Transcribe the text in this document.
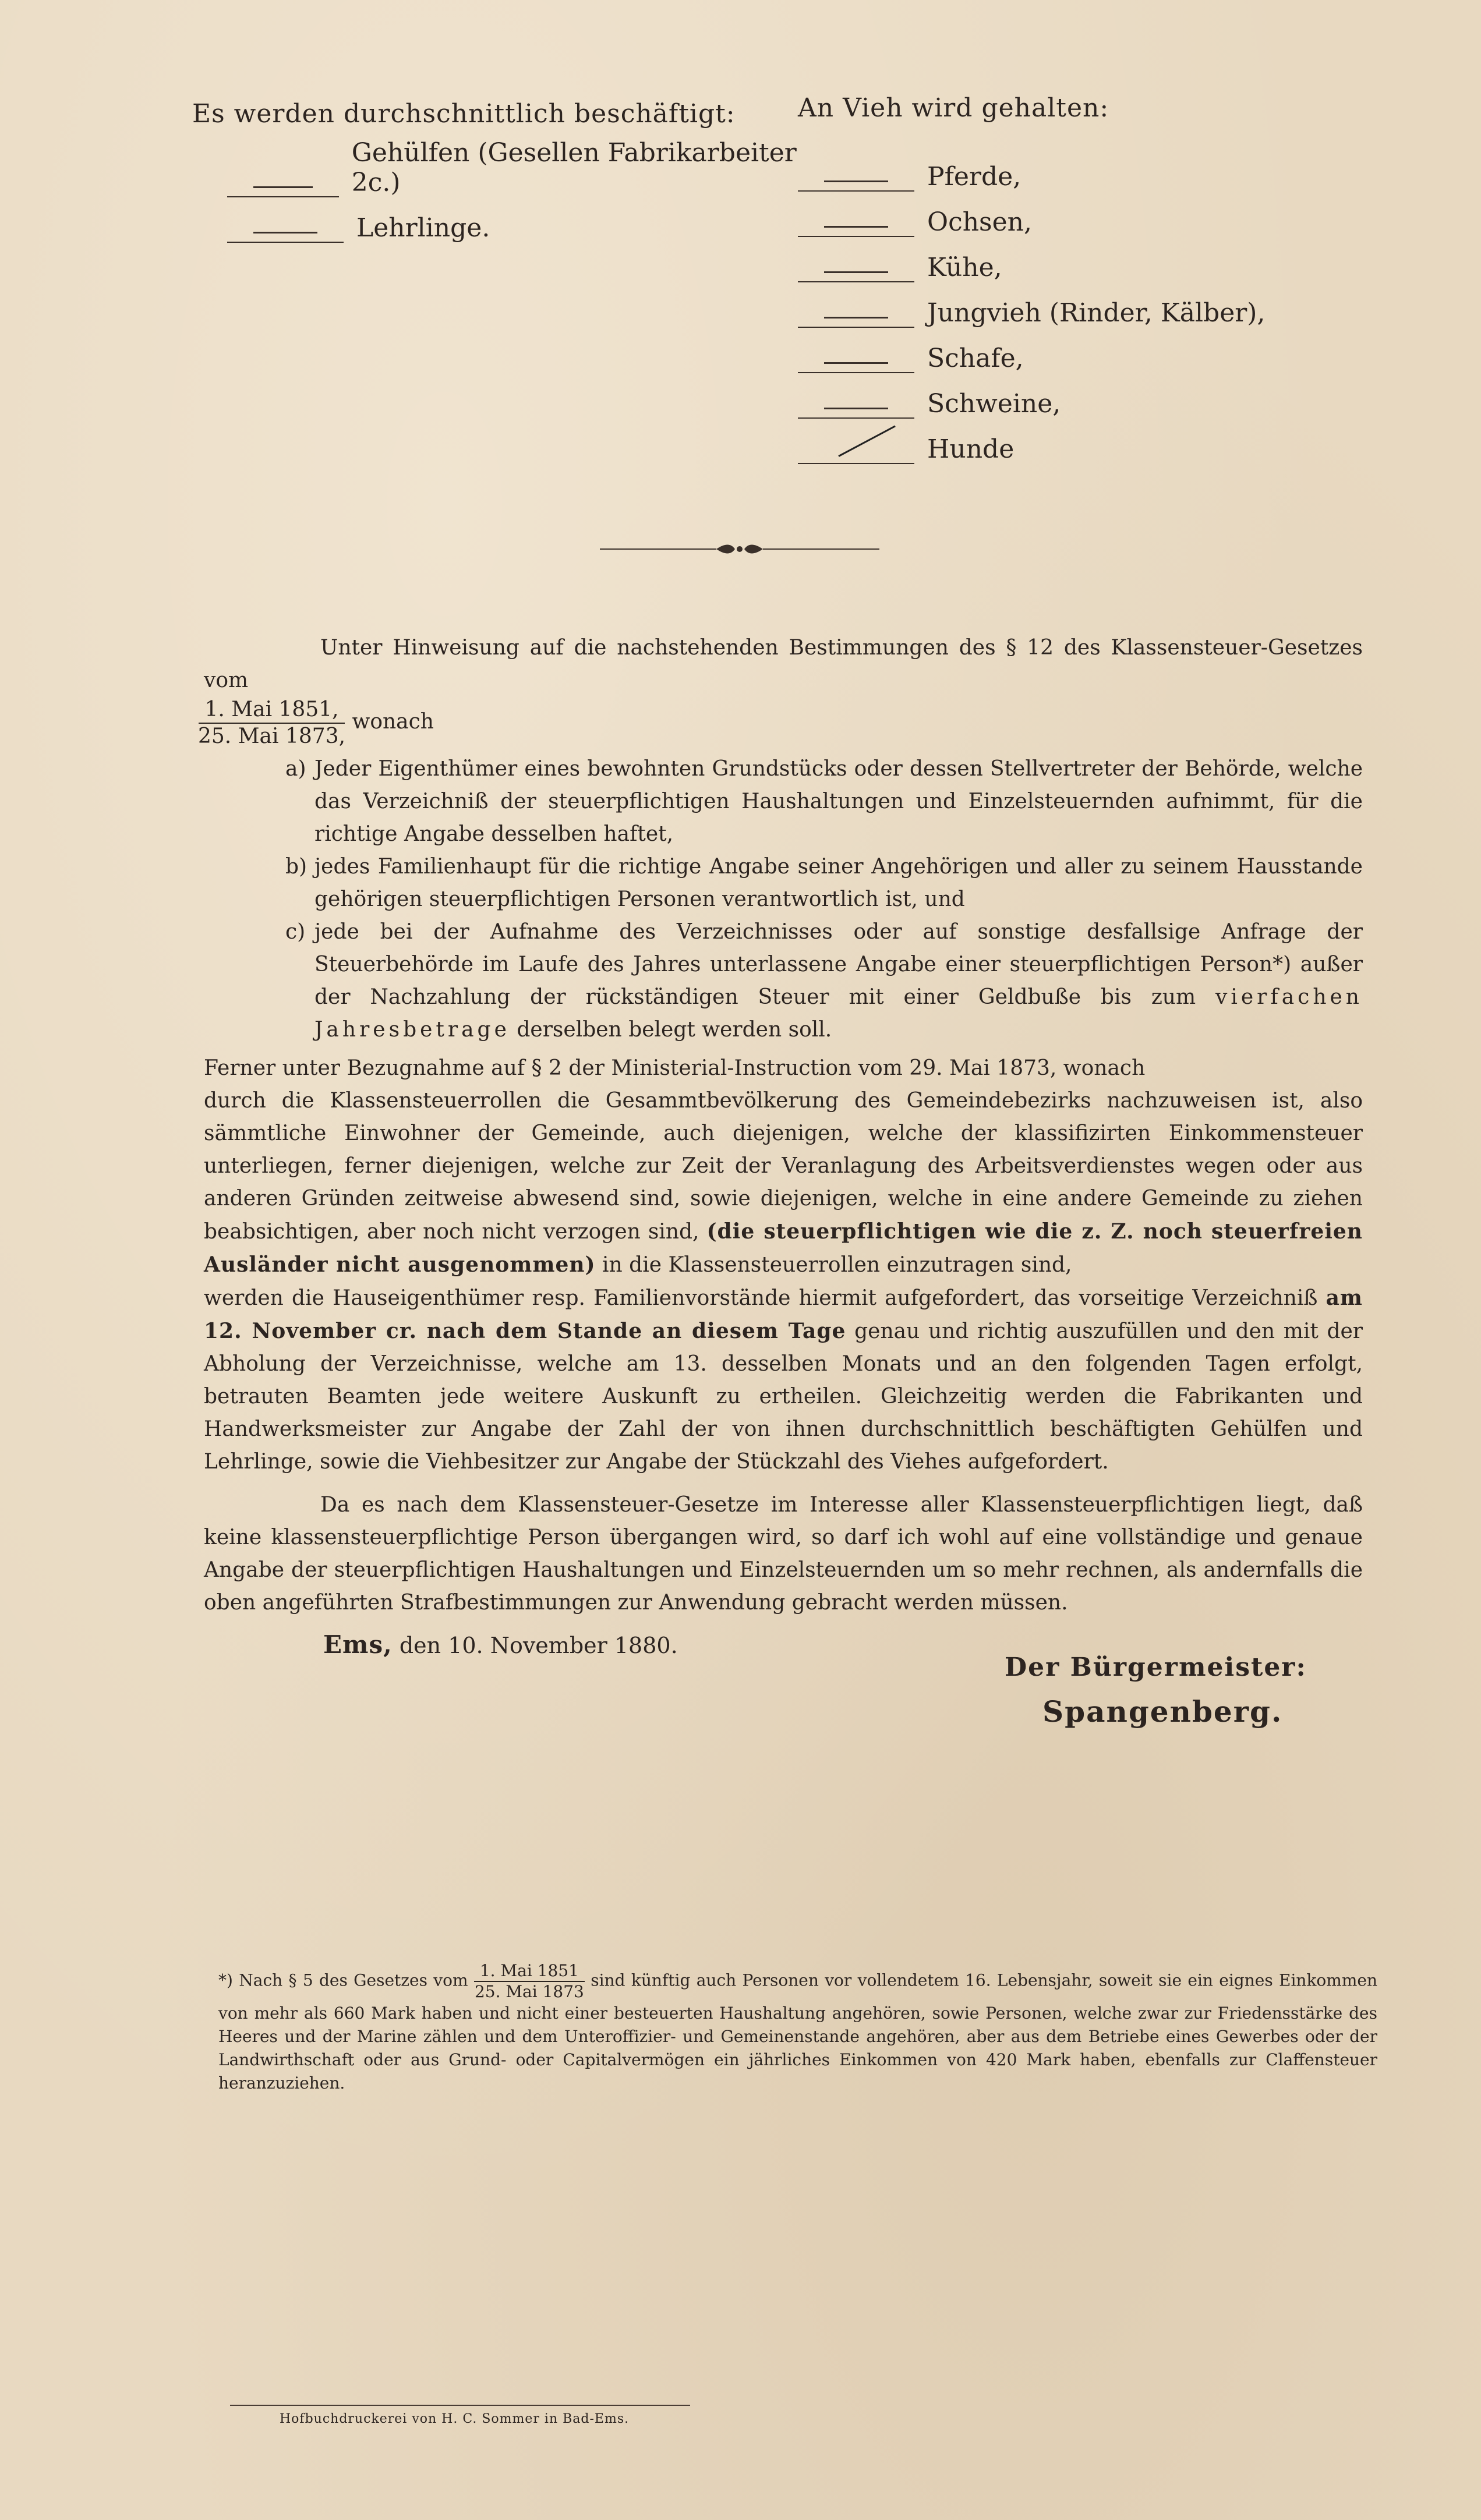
Es werden durchschnittlich beschäftigt:
Gehülfen (Gesellen Fabrikarbeiter 2c.)
Lehrlinge.
An Vieh wird gehalten:
Pferde,
Ochsen,
Kühe,
Jungvieh (Rinder, Kälber),
Schafe,
Schweine,
Hunde

Unter Hinweisung auf die nachstehenden Bestimmungen des § 12 des Klassensteuer-Gesetzes vom

$\frac{\text{1. Mai 1851,}}{\text{25. Mai 1873,}}$ wonach

a) Jeder Eigenthümer eines bewohnten Grundstücks oder dessen Stellvertreter der Behörde, welche das Verzeichniß der steuerpflichtigen Haushaltungen und Einzelsteuernden aufnimmt, für die richtige Angabe desselben haftet,
b) jedes Familienhaupt für die richtige Angabe seiner Angehörigen und aller zu seinem Hausstande gehörigen steuerpflichtigen Personen verantwortlich ist, und
c) jede bei der Aufnahme des Verzeichnisses oder auf sonstige desfallsige Anfrage der Steuerbehörde im Laufe des Jahres unterlassene Angabe einer steuerpflichtigen Person*) außer der Nachzahlung der rückständigen Steuer mit einer Geldbuße bis zum vierfachen Jahresbetrage derselben belegt werden soll.

Ferner unter Bezugnahme auf § 2 der Ministerial-Instruction vom 29. Mai 1873, wonach

durch die Klassensteuerrollen die Gesammtbevölkerung des Gemeindebezirks nachzuweisen ist, also sämmtliche Einwohner der Gemeinde, auch diejenigen, welche der klassifizirten Einkommensteuer unterliegen, ferner diejenigen, welche zur Zeit der Veranlagung des Arbeitsverdienstes wegen oder aus anderen Gründen zeitweise abwesend sind, sowie diejenigen, welche in eine andere Gemeinde zu ziehen beabsichtigen, aber noch nicht verzogen sind, (die steuerpflichtigen wie die z. Z. noch steuerfreien Ausländer nicht ausgenommen) in die Klassensteuerrollen einzutragen sind,

werden die Hauseigenthümer resp. Familienvorstände hiermit aufgefordert, das vorseitige Verzeichniß am 12. November cr. nach dem Stande an diesem Tage genau und richtig auszufüllen und den mit der Abholung der Verzeichnisse, welche am 13. desselben Monats und an den folgenden Tagen erfolgt, betrauten Beamten jede weitere Auskunft zu ertheilen. Gleichzeitig werden die Fabrikanten und Handwerksmeister zur Angabe der Zahl der von ihnen durchschnittlich beschäftigten Gehülfen und Lehrlinge, sowie die Viehbesitzer zur Angabe der Stückzahl des Viehes aufgefordert.

Da es nach dem Klassensteuer-Gesetze im Interesse aller Klassensteuerpflichtigen liegt, daß keine klassensteuerpflichtige Person übergangen wird, so darf ich wohl auf eine vollständige und genaue Angabe der steuerpflichtigen Haushaltungen und Einzelsteuernden um so mehr rechnen, als andernfalls die oben angeführten Strafbestimmungen zur Anwendung gebracht werden müssen.

Ems, den 10. November 1880.
Der Bürgermeister:
Spangenberg.
*) Nach § 5 des Gesetzes vom $\frac{\text{1. Mai 1851}}{\text{25. Mai 1873}}$ sind künftig auch Personen vor vollendetem 16. Lebensjahr, soweit sie ein eignes Einkommen von mehr als 660 Mark haben und nicht einer besteuerten Haushaltung angehören, sowie Personen, welche zwar zur Friedensstärke des Heeres und der Marine zählen und dem Unteroffizier- und Gemeinenstande angehören, aber aus dem Betriebe eines Gewerbes oder der Landwirthschaft oder aus Grund- oder Capitalvermögen ein jährliches Einkommen von 420 Mark haben, ebenfalls zur Claffensteuer heranzuziehen.
Hofbuchdruckerei von H. C. Sommer in Bad-Ems.
